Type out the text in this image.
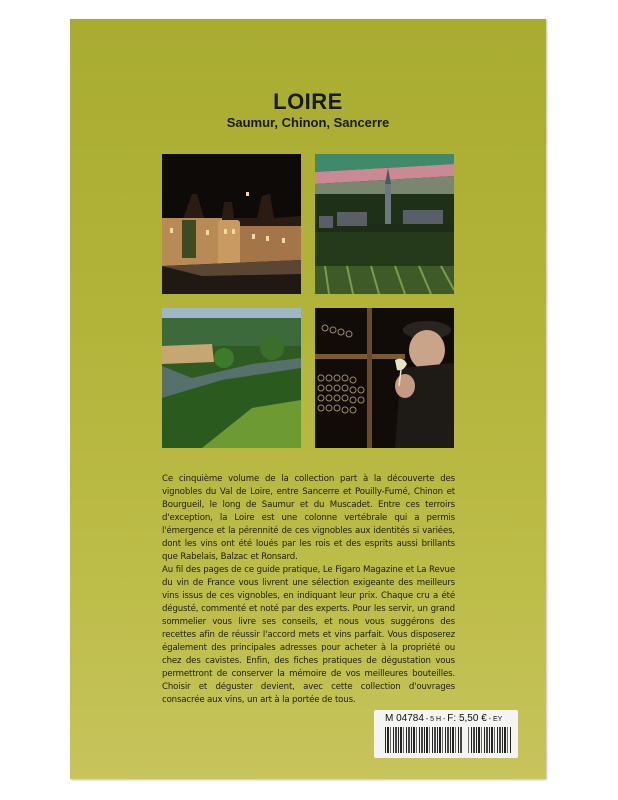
LOIRE
Saumur, Chinon, Sancerre

Ce cinquième volume de la collection part à la découverte des vignobles du Val de Loire, entre Sancerre et Pouilly-Fumé, Chinon et Bourgueil, le long de Saumur et du Muscadet. Entre ces terroirs d'exception, la Loire est une colonne vertébrale qui a permis l'émergence et la pérennité de ces vignobles aux identités si variées, dont les vins ont été loués par les rois et des esprits aussi brillants que Rabelais, Balzac et Ronsard.

Au fil des pages de ce guide pratique, Le Figaro Magazine et La Revue du vin de France vous livrent une sélection exigeante des meilleurs vins issus de ces vignobles, en indiquant leur prix. Chaque cru a été dégusté, commenté et noté par des experts. Pour les servir, un grand sommelier vous livre ses conseils, et nous vous suggérons des recettes afin de réussir l'accord mets et vins parfait. Vous disposerez également des principales adresses pour acheter à la propriété ou chez des cavistes. Enfin, des fiches pratiques de dégustation vous permettront de conserver la mémoire de vos meilleures bouteilles. Choisir et déguster devient, avec cette collection d'ouvrages consacrée aux vins, un art à la portée de tous.

M 04784 - 5 H - F: 5,50 € - EY
